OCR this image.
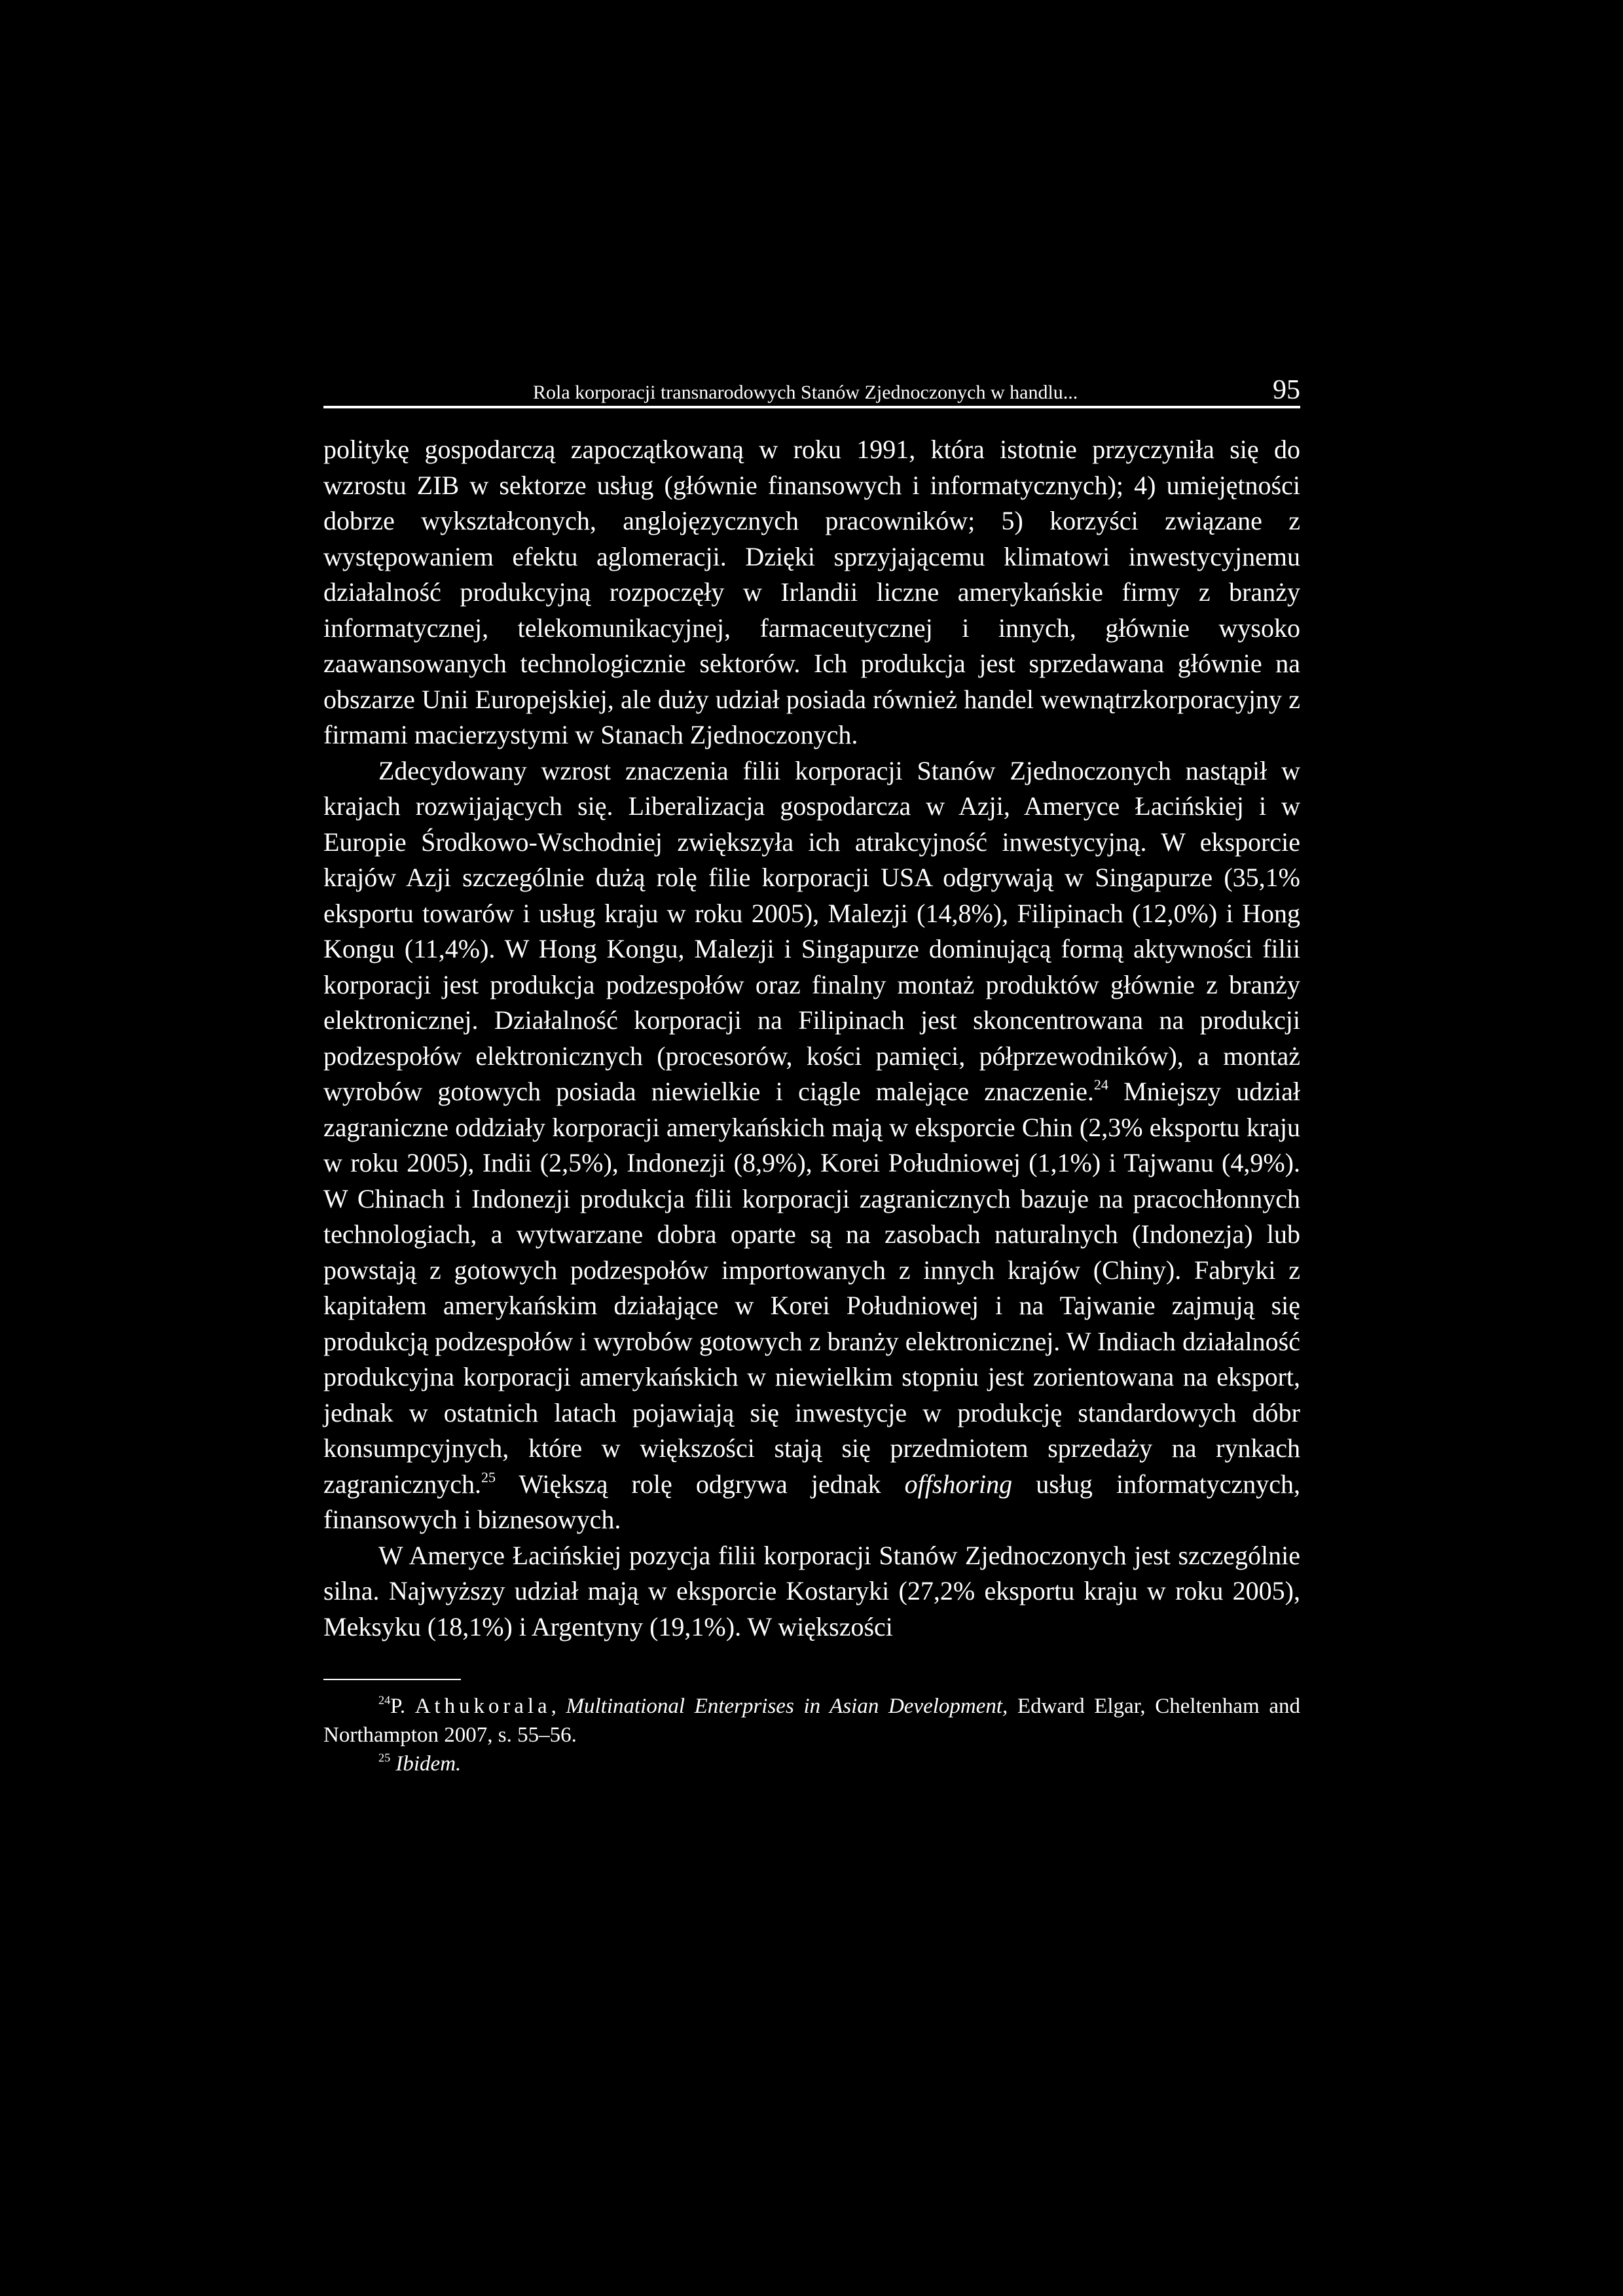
Rola korporacji transnarodowych Stanów Zjednoczonych w handlu...	95

politykę gospodarczą zapoczątkowaną w roku 1991, która istotnie przyczyniła się do wzrostu ZIB w sektorze usług (głównie finansowych i informatycznych); 4) umiejętności dobrze wykształconych, anglojęzycznych pracowników; 5) korzyści związane z występowaniem efektu aglomeracji. Dzięki sprzyjającemu klimatowi inwestycyjnemu działalność produkcyjną rozpoczęły w Irlandii liczne amerykańskie firmy z branży informatycznej, telekomunikacyjnej, farmaceutycznej i innych, głównie wysoko zaawansowanych technologicznie sektorów. Ich produkcja jest sprzedawana głównie na obszarze Unii Europejskiej, ale duży udział posiada również handel wewnątrzkorporacyjny z firmami macierzystymi w Stanach Zjednoczonych.

Zdecydowany wzrost znaczenia filii korporacji Stanów Zjednoczonych nastąpił w krajach rozwijających się. Liberalizacja gospodarcza w Azji, Ameryce Łacińskiej i w Europie Środkowo-Wschodniej zwiększyła ich atrakcyjność inwestycyjną. W eksporcie krajów Azji szczególnie dużą rolę filie korporacji USA odgrywają w Singapurze (35,1% eksportu towarów i usług kraju w roku 2005), Malezji (14,8%), Filipinach (12,0%) i Hong Kongu (11,4%). W Hong Kongu, Malezji i Singapurze dominującą formą aktywności filii korporacji jest produkcja podzespołów oraz finalny montaż produktów głównie z branży elektronicznej. Działalność korporacji na Filipinach jest skoncentrowana na produkcji podzespołów elektronicznych (procesorów, kości pamięci, półprzewodników), a montaż wyrobów gotowych posiada niewielkie i ciągle malejące znaczenie.$^{24}$ Mniejszy udział zagraniczne oddziały korporacji amerykańskich mają w eksporcie Chin (2,3% eksportu kraju w roku 2005), Indii (2,5%), Indonezji (8,9%), Korei Południowej (1,1%) i Tajwanu (4,9%). W Chinach i Indonezji produkcja filii korporacji zagranicznych bazuje na pracochłonnych technologiach, a wytwarzane dobra oparte są na zasobach naturalnych (Indonezja) lub powstają z gotowych podzespołów importowanych z innych krajów (Chiny). Fabryki z kapitałem amerykańskim działające w Korei Południowej i na Tajwanie zajmują się produkcją podzespołów i wyrobów gotowych z branży elektronicznej. W Indiach działalność produkcyjna korporacji amerykańskich w niewielkim stopniu jest zorientowana na eksport, jednak w ostatnich latach pojawiają się inwestycje w produkcję standardowych dóbr konsumpcyjnych, które w większości stają się przedmiotem sprzedaży na rynkach zagranicznych.$^{25}$ Większą rolę odgrywa jednak offshoring usług informatycznych, finansowych i biznesowych.

W Ameryce Łacińskiej pozycja filii korporacji Stanów Zjednoczonych jest szczególnie silna. Najwyższy udział mają w eksporcie Kostaryki (27,2% eksportu kraju w roku 2005), Meksyku (18,1%) i Argentyny (19,1%). W większości

$^{24}$P. Athukorala, Multinational Enterprises in Asian Development, Edward Elgar, Cheltenham and Northampton 2007, s. 55–56.

$^{25}$ Ibidem.
